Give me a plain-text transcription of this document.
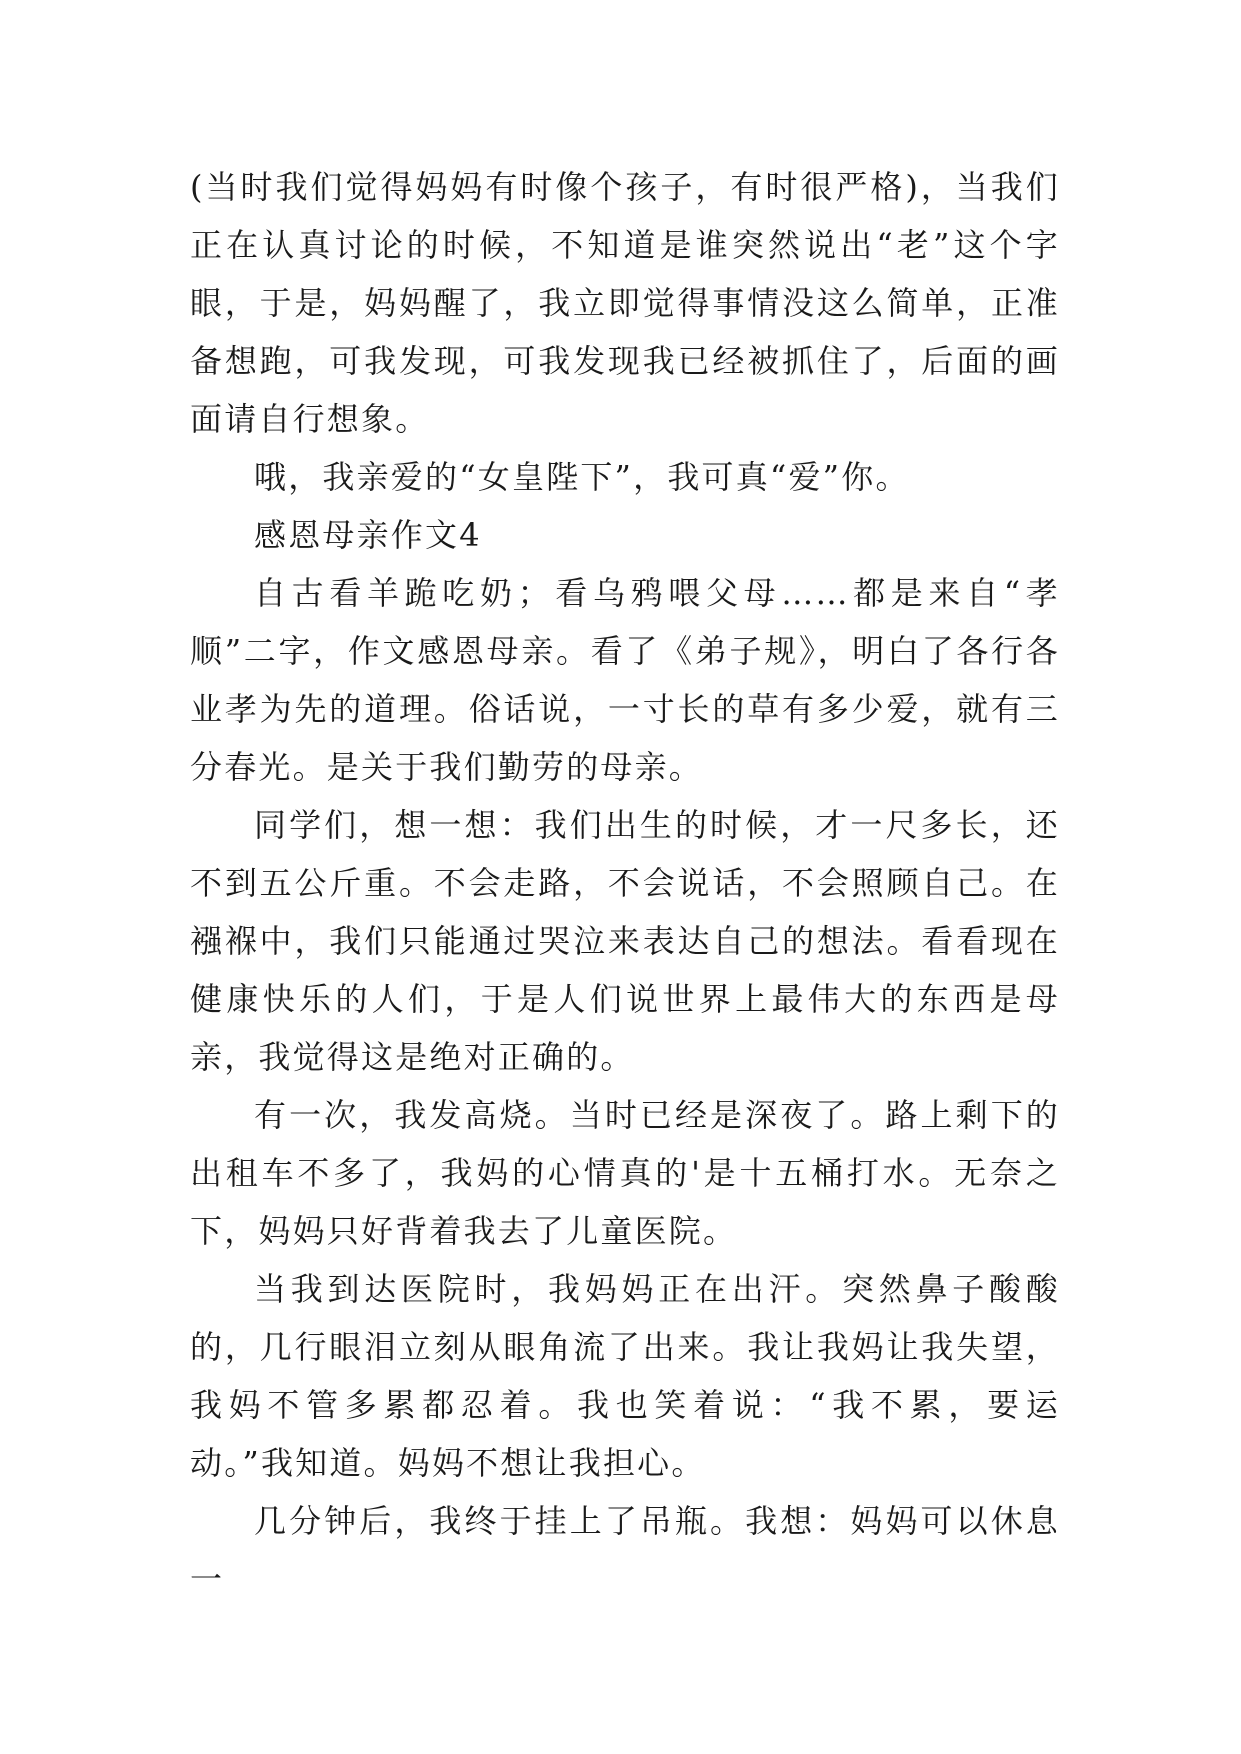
(当时我们觉得妈妈有时像个孩子，有时很严格)，当我们正在认真讨论的时候，不知道是谁突然说出“老”这个字眼，于是，妈妈醒了，我立即觉得事情没这么简单，正准备想跑，可我发现，可我发现我已经被抓住了，后面的画面请自行想象。

哦，我亲爱的“女皇陛下”，我可真“爱”你。

感恩母亲作文4

自古看羊跪吃奶；看乌鸦喂父母……都是来自“孝顺”二字，作文感恩母亲。看了《弟子规》，明白了各行各业孝为先的道理。俗话说，一寸长的草有多少爱，就有三分春光。是关于我们勤劳的母亲。

同学们，想一想：我们出生的时候，才一尺多长，还不到五公斤重。不会走路，不会说话，不会照顾自己。在襁褓中，我们只能通过哭泣来表达自己的想法。看看现在健康快乐的人们，于是人们说世界上最伟大的东西是母亲，我觉得这是绝对正确的。

有一次，我发高烧。当时已经是深夜了。路上剩下的出租车不多了，我妈的心情真的'是十五桶打水。无奈之下，妈妈只好背着我去了儿童医院。

当我到达医院时，我妈妈正在出汗。突然鼻子酸酸的，几行眼泪立刻从眼角流了出来。我让我妈让我失望，我妈不管多累都忍着。我也笑着说：“我不累，要运动。”我知道。妈妈不想让我担心。

几分钟后，我终于挂上了吊瓶。我想：妈妈可以休息一
